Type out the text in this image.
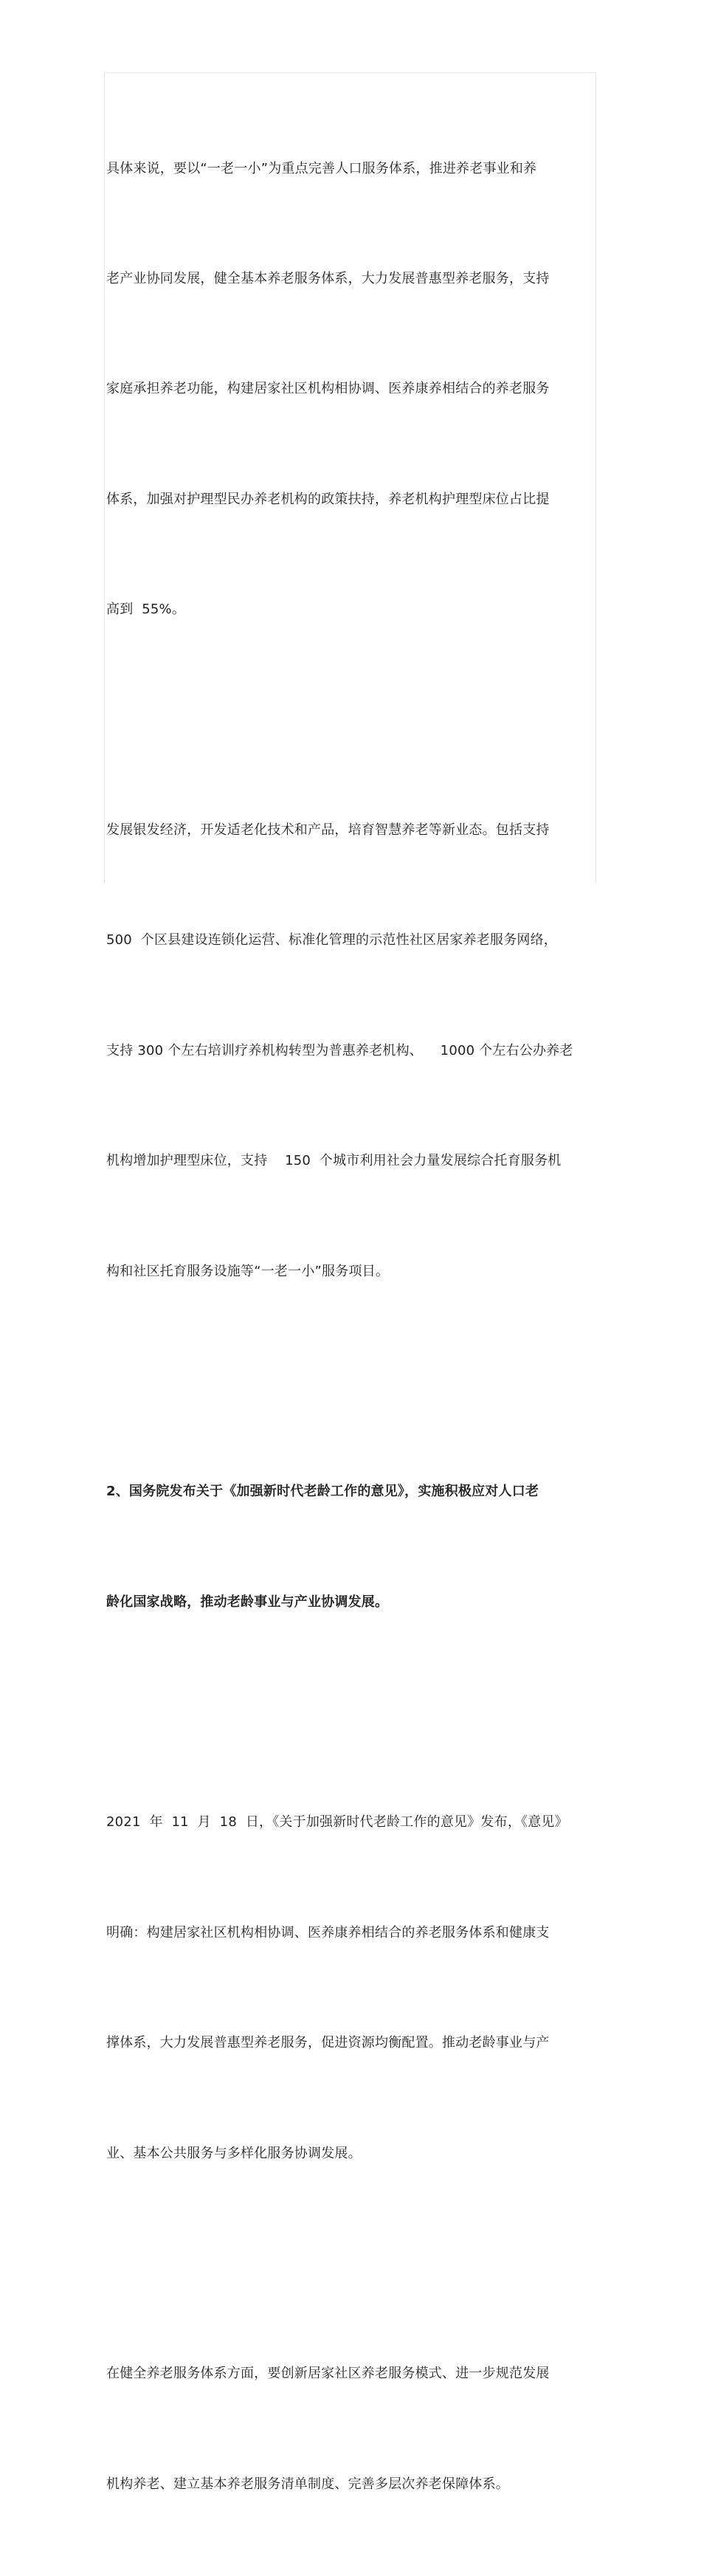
具体来说，要以“一老一小”为重点完善人口服务体系，推进养老事业和养

老产业协同发展，健全基本养老服务体系，大力发展普惠型养老服务，支持

家庭承担养老功能，构建居家社区机构相协调、医养康养相结合的养老服务

体系，加强对护理型民办养老机构的政策扶持，养老机构护理型床位占比提

高到  55%。

发展银发经济，开发适老化技术和产品，培育智慧养老等新业态。包括支持

500  个区县建设连锁化运营、标准化管理的示范性社区居家养老服务网络，

支持 300 个左右培训疗养机构转型为普惠养老机构、    1000 个左右公办养老

机构增加护理型床位，支持    150  个城市利用社会力量发展综合托育服务机

构和社区托育服务设施等“一老一小”服务项目。

2、国务院发布关于《加强新时代老龄工作的意见》，实施积极应对人口老

龄化国家战略，推动老龄事业与产业协调发展。

2021  年  11  月  18  日，《关于加强新时代老龄工作的意见》发布，《意见》

明确：构建居家社区机构相协调、医养康养相结合的养老服务体系和健康支

撑体系，大力发展普惠型养老服务，促进资源均衡配置。推动老龄事业与产

业、基本公共服务与多样化服务协调发展。

在健全养老服务体系方面，要创新居家社区养老服务模式、进一步规范发展

机构养老、建立基本养老服务清单制度、完善多层次养老保障体系。
